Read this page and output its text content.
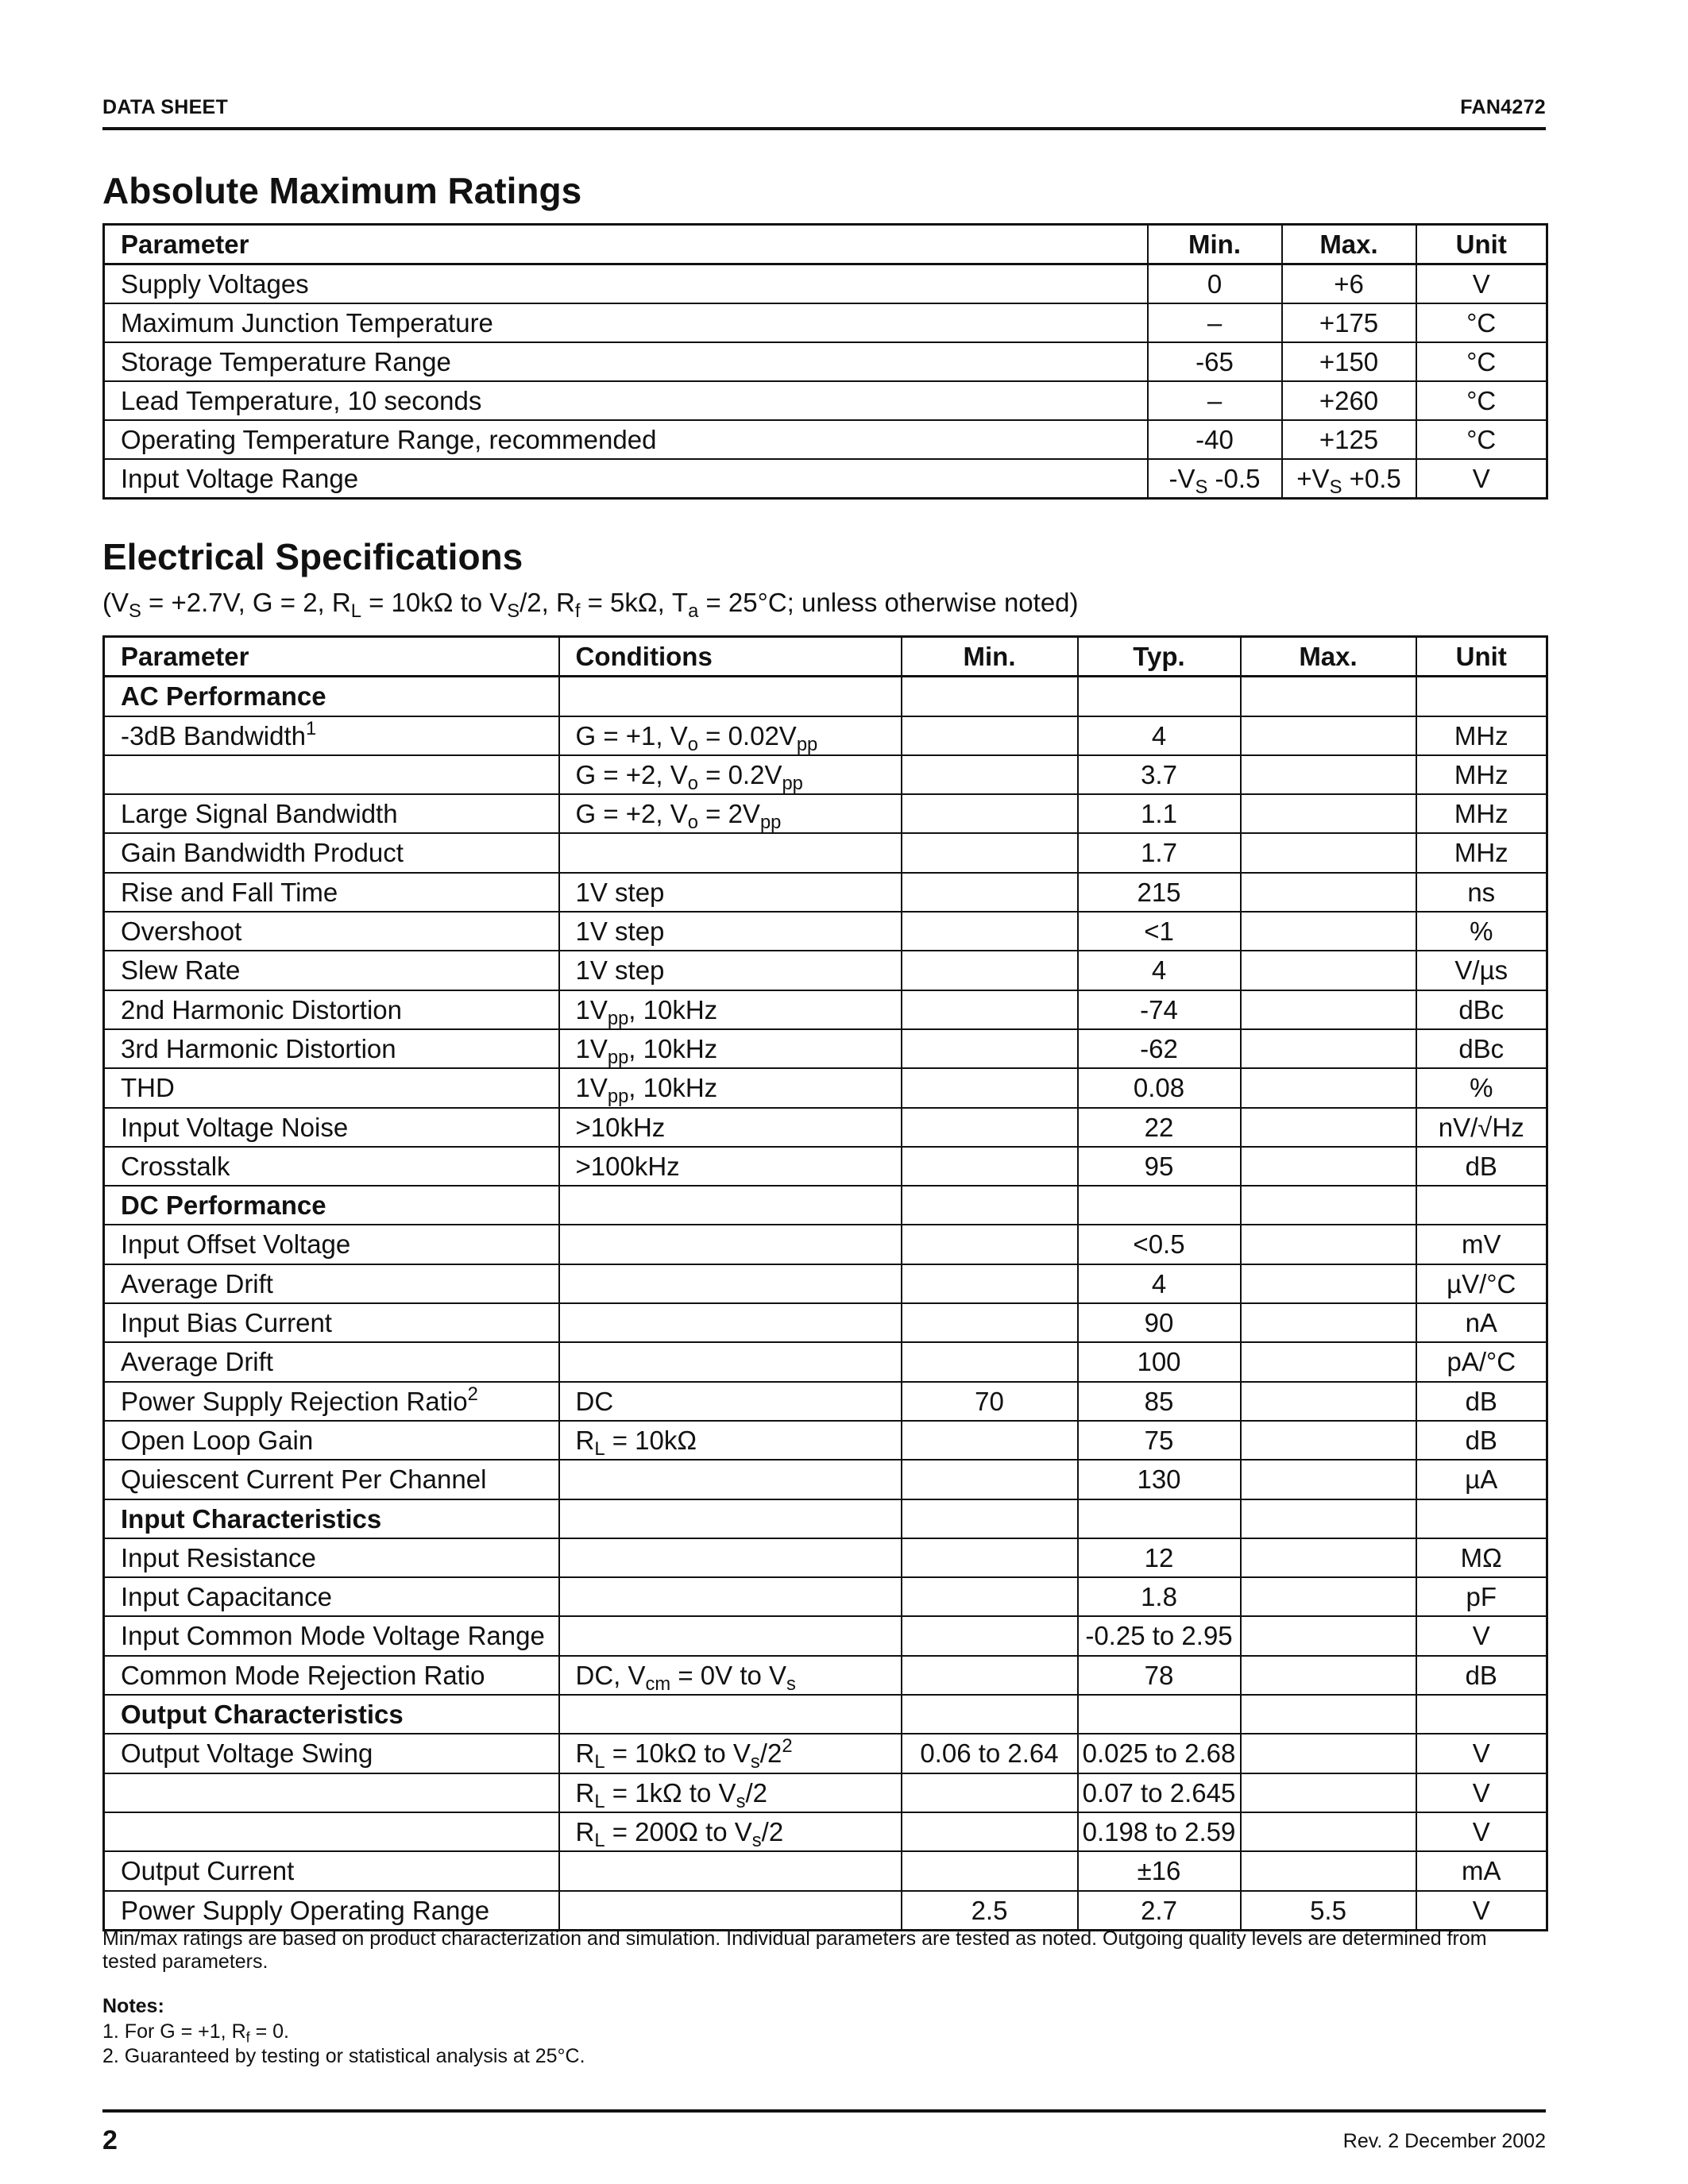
DATA SHEET	FAN4272
Absolute Maximum Ratings
Parameter	Min.	Max.	Unit
Supply Voltages	0	+6	V
Maximum Junction Temperature	–	+175	°C
Storage Temperature Range	-65	+150	°C
Lead Temperature, 10 seconds	–	+260	°C
Operating Temperature Range, recommended	-40	+125	°C
Input Voltage Range	$-V_S$ -0.5	$+V_S +0.5$	V
Electrical Specifications
($V_S = +2.7V$, G = 2, $R_L = 10k\Omega$ to $V_S/2$, $R_f = 5k\Omega$, $T_a = 25^\circ C$; unless otherwise noted)
Parameter	Conditions	Min.	Typ.	Max.	Unit
AC Performance					
-3dB Bandwidth$^1$	G = +1, $V_o = 0.02V_{pp}$		4		MHz
	G = +2, $V_o = 0.2V_{pp}$		3.7		MHz
Large Signal Bandwidth	G = +2, $V_o = 2V_{pp}$		1.1		MHz
Gain Bandwidth Product			1.7		MHz
Rise and Fall Time	1V step		215		ns
Overshoot	1V step		<1		%
Slew Rate	1V step		4		V/µs
2nd Harmonic Distortion	$1V_{pp}$, 10kHz		-74		dBc
3rd Harmonic Distortion	$1V_{pp}$, 10kHz		-62		dBc
THD	$1V_{pp}$, 10kHz		0.08		%
Input Voltage Noise	>10kHz		22		nV/√Hz
Crosstalk	>100kHz		95		dB
DC Performance					
Input Offset Voltage			<0.5		mV
Average Drift			4		µV/°C
Input Bias Current			90		nA
Average Drift			100		pA/°C
Power Supply Rejection Ratio$^2$	DC	70	85		dB
Open Loop Gain	$R_L = 10k\Omega$		75		dB
Quiescent Current Per Channel			130		µA
Input Characteristics					
Input Resistance			12		MΩ
Input Capacitance			1.8		pF
Input Common Mode Voltage Range			-0.25 to 2.95		V
Common Mode Rejection Ratio	DC, $V_{cm} = 0V$ to $V_s$		78		dB
Output Characteristics					
Output Voltage Swing	$R_L = 10k\Omega$ to $V_s/2^2$	0.06 to 2.64	0.025 to 2.68		V
	$R_L = 1k\Omega$ to $V_s/2$		0.07 to 2.645		V
	$R_L = 200\Omega$ to $V_s/2$		0.198 to 2.59		V
Output Current			±16		mA
Power Supply Operating Range		2.5	2.7	5.5	V
Min/max ratings are based on product characterization and simulation. Individual parameters are tested as noted. Outgoing quality levels are determined from tested parameters.
Notes:
1. For G = +1, $R_f = 0$.
2. Guaranteed by testing or statistical analysis at 25°C.
2	Rev. 2 December 2002
